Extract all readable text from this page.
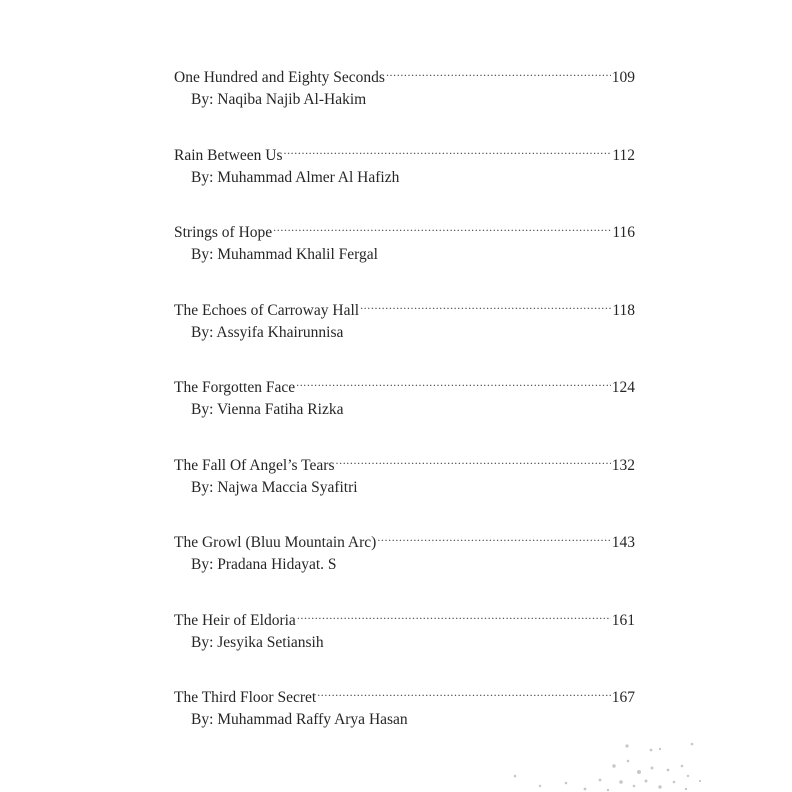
One Hundred and Eighty Seconds .....	109
By: Naqiba Najib Al-Hakim
Rain Between Us .....	112
By: Muhammad Almer Al Hafizh
Strings of Hope .....	116
By: Muhammad Khalil Fergal
The Echoes of Carroway Hall .....	118
By: Assyifa Khairunnisa
The Forgotten Face .....	124
By: Vienna Fatiha Rizka
The Fall Of Angel’s Tears .....	132
By: Najwa Maccia Syafitri
The Growl (Bluu Mountain Arc) .....	143
By: Pradana Hidayat. S
The Heir of Eldoria .....	161
By: Jesyika Setiansih
The Third Floor Secret .....	167
By: Muhammad Raffy Arya Hasan
